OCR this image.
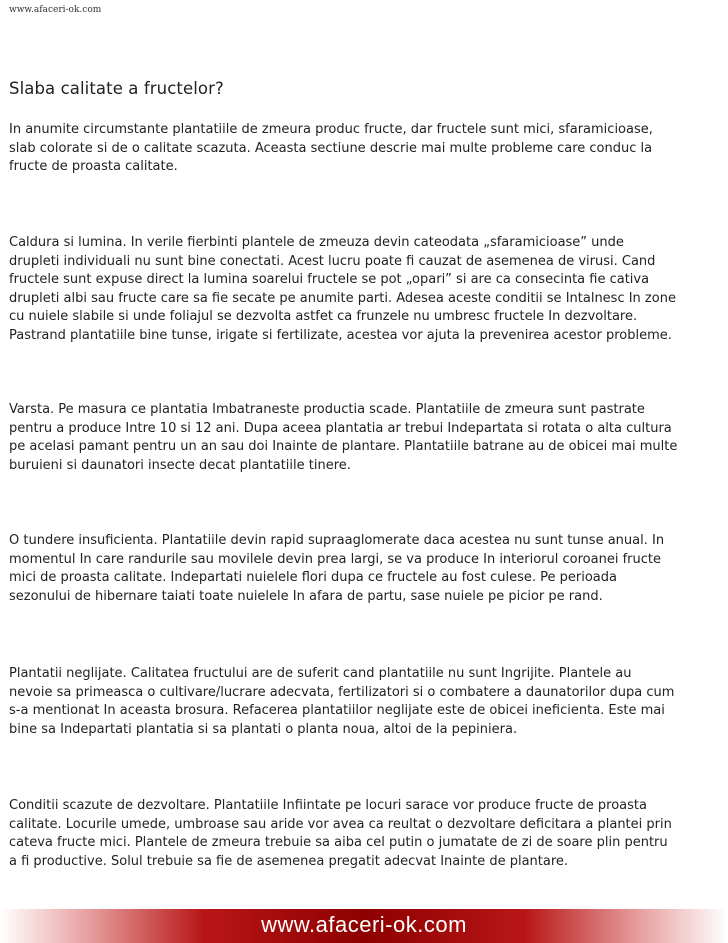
www.afaceri-ok.com
Slaba calitate a fructelor?

In anumite circumstante plantatiile de zmeura produc fructe, dar fructele sunt mici, sfaramicioase,
slab colorate si de o calitate scazuta. Aceasta sectiune descrie mai multe probleme care conduc la
fructe de proasta calitate.

Caldura si lumina. In verile fierbinti plantele de zmeuza devin cateodata „sfaramicioase” unde
drupleti individuali nu sunt bine conectati. Acest lucru poate fi cauzat de asemenea de virusi. Cand
fructele sunt expuse direct la lumina soarelui fructele se pot „opari” si are ca consecinta fie cativa
drupleti albi sau fructe care sa fie secate pe anumite parti. Adesea aceste conditii se Intalnesc In zone
cu nuiele slabile si unde foliajul se dezvolta astfet ca frunzele nu umbresc fructele In dezvoltare.
Pastrand plantatiile bine tunse, irigate si fertilizate, acestea vor ajuta la prevenirea acestor probleme.

Varsta. Pe masura ce plantatia Imbatraneste productia scade. Plantatiile de zmeura sunt pastrate
pentru a produce Intre 10 si 12 ani. Dupa aceea plantatia ar trebui Indepartata si rotata o alta cultura
pe acelasi pamant pentru un an sau doi Inainte de plantare. Plantatiile batrane au de obicei mai multe
buruieni si daunatori insecte decat plantatiile tinere.

O tundere insuficienta. Plantatiile devin rapid supraaglomerate daca acestea nu sunt tunse anual. In
momentul In care randurile sau movilele devin prea largi, se va produce In interiorul coroanei fructe
mici de proasta calitate. Indepartati nuielele flori dupa ce fructele au fost culese. Pe perioada
sezonului de hibernare taiati toate nuielele In afara de partu, sase nuiele pe picior pe rand.

Plantatii neglijate. Calitatea fructului are de suferit cand plantatiile nu sunt Ingrijite. Plantele au
nevoie sa primeasca o cultivare/lucrare adecvata, fertilizatori si o combatere a daunatorilor dupa cum
s-a mentionat In aceasta brosura. Refacerea plantatiilor neglijate este de obicei ineficienta. Este mai
bine sa Indepartati plantatia si sa plantati o planta noua, altoi de la pepiniera.

Conditii scazute de dezvoltare. Plantatiile Infiintate pe locuri sarace vor produce fructe de proasta
calitate. Locurile umede, umbroase sau aride vor avea ca reultat o dezvoltare deficitara a plantei prin
cateva fructe mici. Plantele de zmeura trebuie sa aiba cel putin o jumatate de zi de soare plin pentru
a fi productive. Solul trebuie sa fie de asemenea pregatit adecvat Inainte de plantare.

www.afaceri-ok.com
